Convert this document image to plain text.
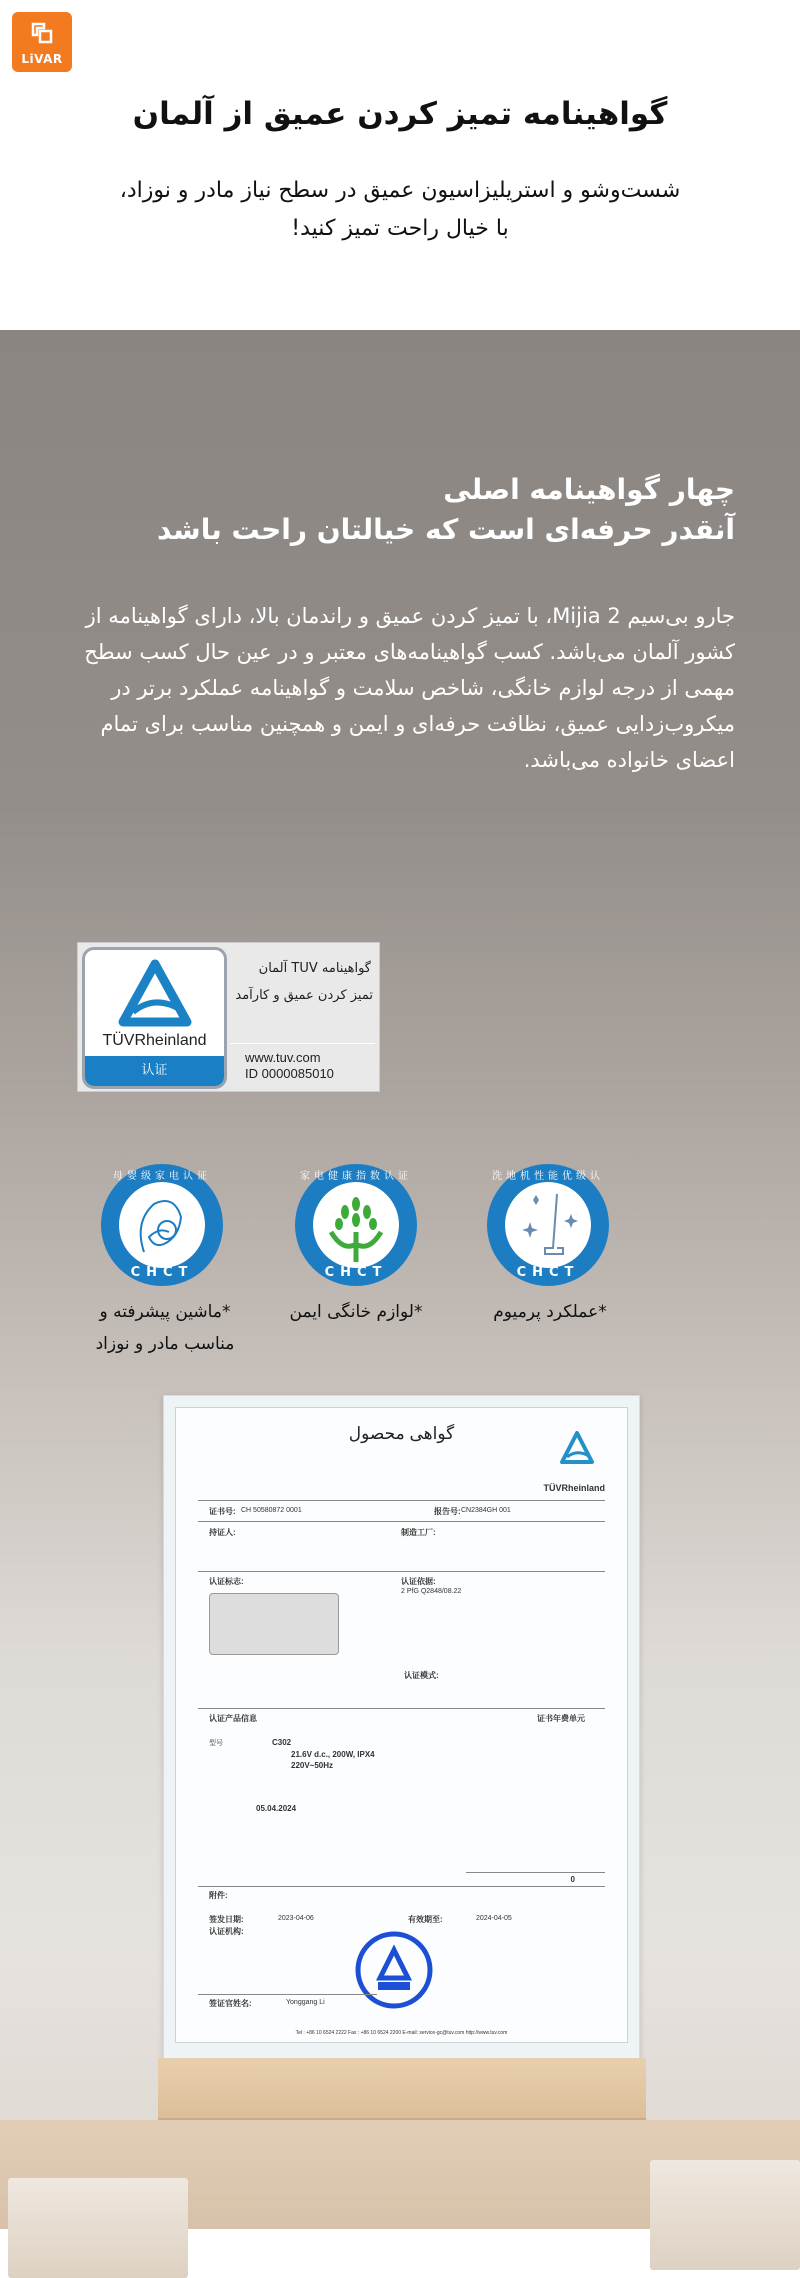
LiVAR
گواهینامه تمیز کردن عمیق از آلمان
شست‌وشو و استریلیزاسیون عمیق در سطح نیاز مادر و نوزاد،
با خیال راحت تمیز کنید!
چهار گواهینامه اصلی
آنقدر حرفه‌ای است که خیالتان راحت باشد
جارو بی‌سیم Mijia 2، با تمیز کردن عمیق و راندمان بالا، دارای گواهینامه از کشور آلمان می‌باشد. کسب گواهینامه‌های معتبر و در عین حال کسب سطح مهمی از درجه لوازم خانگی، شاخص سلامت و گواهینامه عملکرد برتر در میکروب‌زدایی عمیق، نظافت حرفه‌ای و ایمن و همچنین مناسب برای تمام اعضای خانواده می‌باشد.
TÜVRheinland
认证
گواهینامه TUV آلمان
تمیز کردن عمیق و کارآمد
www.tuv.com
ID 0000085010
母婴级家电认证
CHCT
家电健康指数认证
CHCT
洗地机性能优级认
CHCT
*ماشین پیشرفته و
مناسب مادر و نوزاد
*لوازم خانگی ایمن	*عملکرد پرمیوم
گواهی محصول
TÜVRheinland
证书号: CH 50580872 0001	报告号: CN2384GH 001
持证人:	制造工厂:
认证标志:	认证依据:
2 PfG Q2848/08.22
认证模式:
认证产品信息	证书年费单元
型号	C302
21.6V d.c., 200W, IPX4
220V~50Hz
05.04.2024
0
附件:
签发日期:	2023-04-06	有效期至:	2024-04-05
认证机构:
签证官姓名:	Yonggang Li
Tel : +86 10 6524 2222 Fax : +86 10 6524 2200 E-mail: service-gc@tuv.com http://www.tuv.com
